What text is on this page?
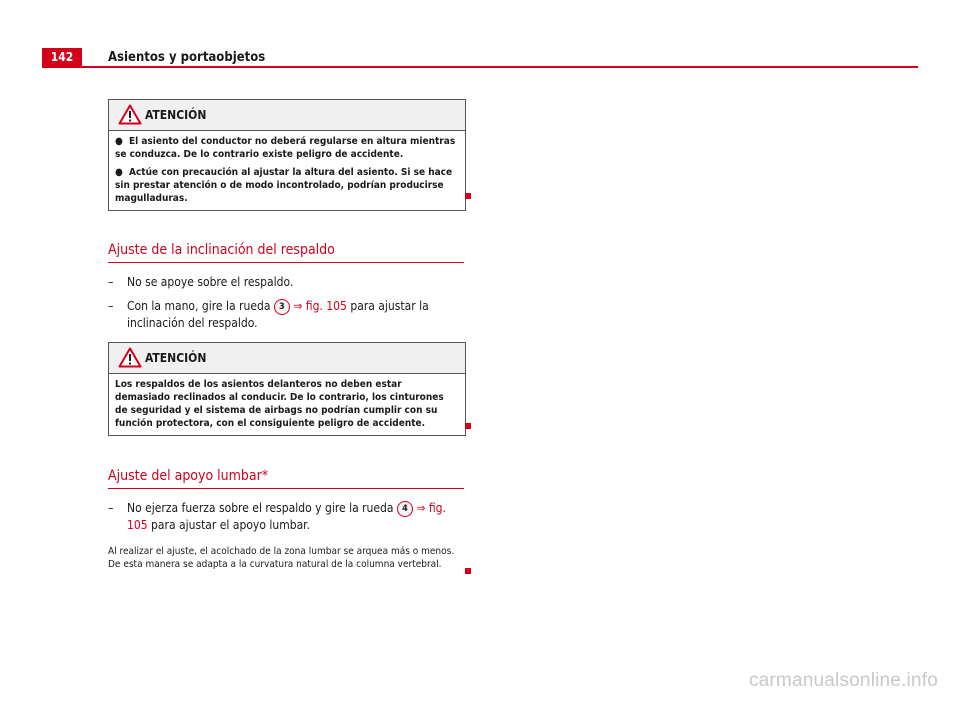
142	Asientos y portaobjetos
ATENCIÓN

● El asiento del conductor no deberá regularse en altura mientras se conduzca. De lo contrario existe peligro de accidente.

● Actúe con precaución al ajustar la altura del asiento. Si se hace sin prestar atención o de modo incontrolado, podrían producirse magulladuras.

Ajuste de la inclinación del respaldo
– No se apoye sobre el respaldo.
– Con la mano, gire la rueda 3 ⇒ fig. 105 para ajustar la inclinación del respaldo.
ATENCIÓN

Los respaldos de los asientos delanteros no deben estar demasiado reclinados al conducir. De lo contrario, los cinturones de seguridad y el sistema de airbags no podrían cumplir con su función protectora, con el consiguiente peligro de accidente.

Ajuste del apoyo lumbar*
– No ejerza fuerza sobre el respaldo y gire la rueda 4 ⇒ fig. 105 para ajustar el apoyo lumbar.
Al realizar el ajuste, el acolchado de la zona lumbar se arquea más o menos. De esta manera se adapta a la curvatura natural de la columna vertebral.
carmanualsonline.info
